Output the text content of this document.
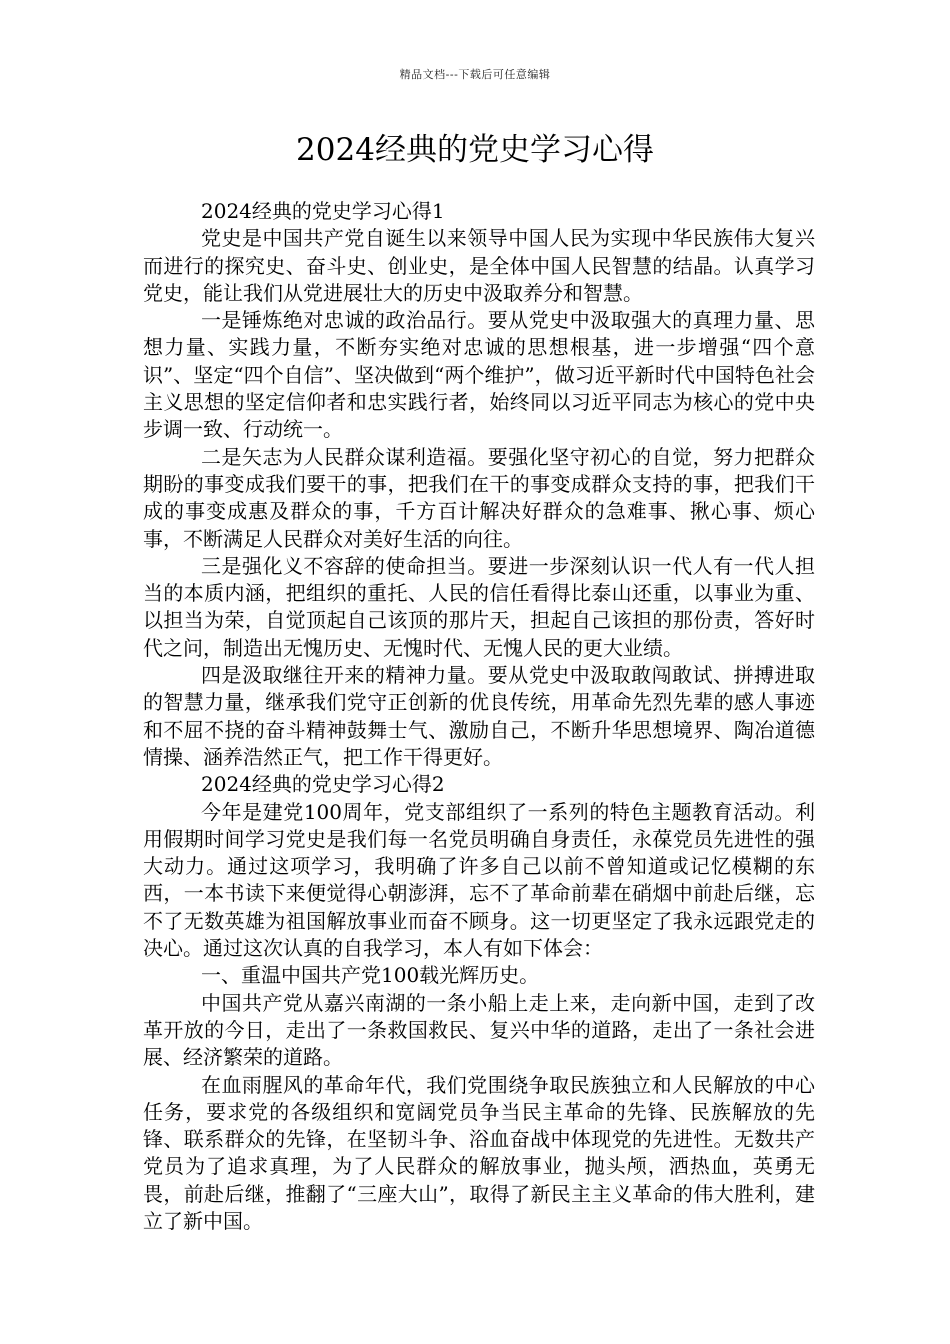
精品文档---下载后可任意编辑
2024经典的党史学习心得

2024经典的党史学习心得1

党史是中国共产党自诞生以来领导中国人民为实现中华民族伟大复兴而进行的探究史、奋斗史、创业史，是全体中国人民智慧的结晶。认真学习党史，能让我们从党进展壮大的历史中汲取养分和智慧。

一是锤炼绝对忠诚的政治品行。要从党史中汲取强大的真理力量、思想力量、实践力量，不断夯实绝对忠诚的思想根基，进一步增强“四个意识”、坚定“四个自信”、坚决做到“两个维护”，做习近平新时代中国特色社会主义思想的坚定信仰者和忠实践行者，始终同以习近平同志为核心的党中央步调一致、行动统一。

二是矢志为人民群众谋利造福。要强化坚守初心的自觉，努力把群众期盼的事变成我们要干的事，把我们在干的事变成群众支持的事，把我们干成的事变成惠及群众的事，千方百计解决好群众的急难事、揪心事、烦心事，不断满足人民群众对美好生活的向往。

三是强化义不容辞的使命担当。要进一步深刻认识一代人有一代人担当的本质内涵，把组织的重托、人民的信任看得比泰山还重，以事业为重、以担当为荣，自觉顶起自己该顶的那片天，担起自己该担的那份责，答好时代之问，制造出无愧历史、无愧时代、无愧人民的更大业绩。

四是汲取继往开来的精神力量。要从党史中汲取敢闯敢试、拼搏进取的智慧力量，继承我们党守正创新的优良传统，用革命先烈先辈的感人事迹和不屈不挠的奋斗精神鼓舞士气、激励自己，不断升华思想境界、陶冶道德情操、涵养浩然正气，把工作干得更好。

2024经典的党史学习心得2

今年是建党100周年，党支部组织了一系列的特色主题教育活动。利用假期时间学习党史是我们每一名党员明确自身责任，永葆党员先进性的强大动力。通过这项学习，我明确了许多自己以前不曾知道或记忆模糊的东西，一本书读下来便觉得心朝澎湃，忘不了革命前辈在硝烟中前赴后继，忘不了无数英雄为祖国解放事业而奋不顾身。这一切更坚定了我永远跟党走的决心。通过这次认真的自我学习，本人有如下体会：

一、重温中国共产党100载光辉历史。

中国共产党从嘉兴南湖的一条小船上走上来，走向新中国，走到了改革开放的今日，走出了一条救国救民、复兴中华的道路，走出了一条社会进展、经济繁荣的道路。

在血雨腥风的革命年代，我们党围绕争取民族独立和人民解放的中心任务，要求党的各级组织和宽阔党员争当民主革命的先锋、民族解放的先锋、联系群众的先锋，在坚韧斗争、浴血奋战中体现党的先进性。无数共产党员为了追求真理，为了人民群众的解放事业，抛头颅，洒热血，英勇无畏，前赴后继，推翻了“三座大山”，取得了新民主主义革命的伟大胜利，建立了新中国。
